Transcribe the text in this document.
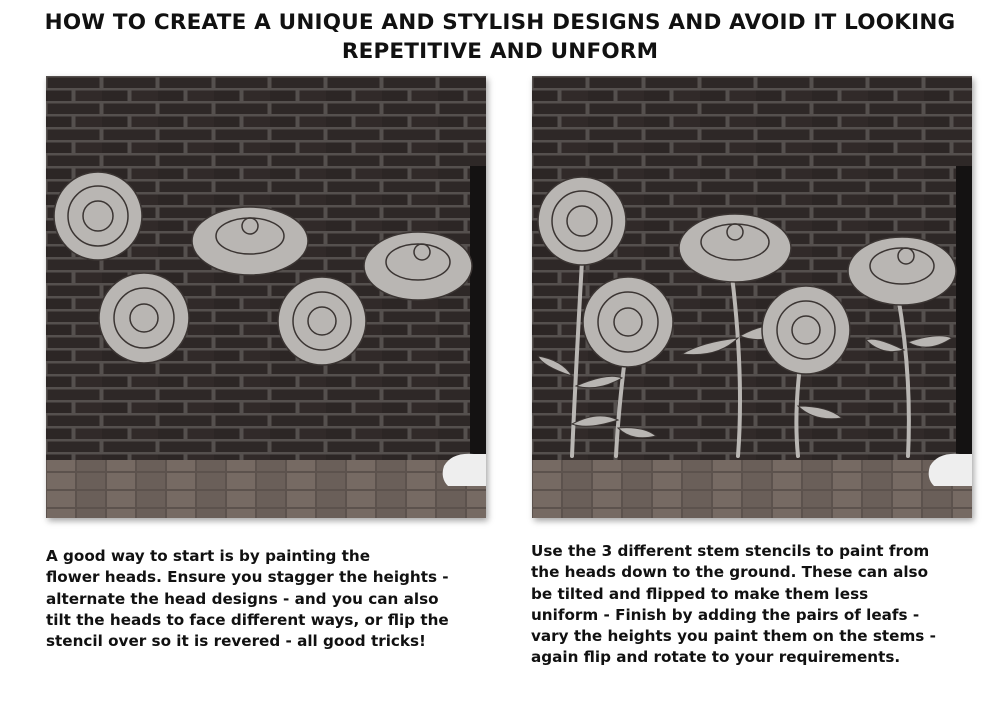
HOW TO CREATE A UNIQUE AND STYLISH DESIGNS AND AVOID IT LOOKING
REPETITIVE AND UNFORM
A good way to start is by painting the
flower heads. Ensure you stagger the heights -
alternate the head designs - and you can also
tilt the heads to face different ways, or flip the
stencil over so it is revered - all good tricks!
Use the 3 different stem stencils to paint from
the heads down to the ground. These can also
be tilted and flipped to make them less
uniform - Finish by adding the pairs of leafs -
vary the heights you paint them on the stems -
again flip and rotate to your requirements.
